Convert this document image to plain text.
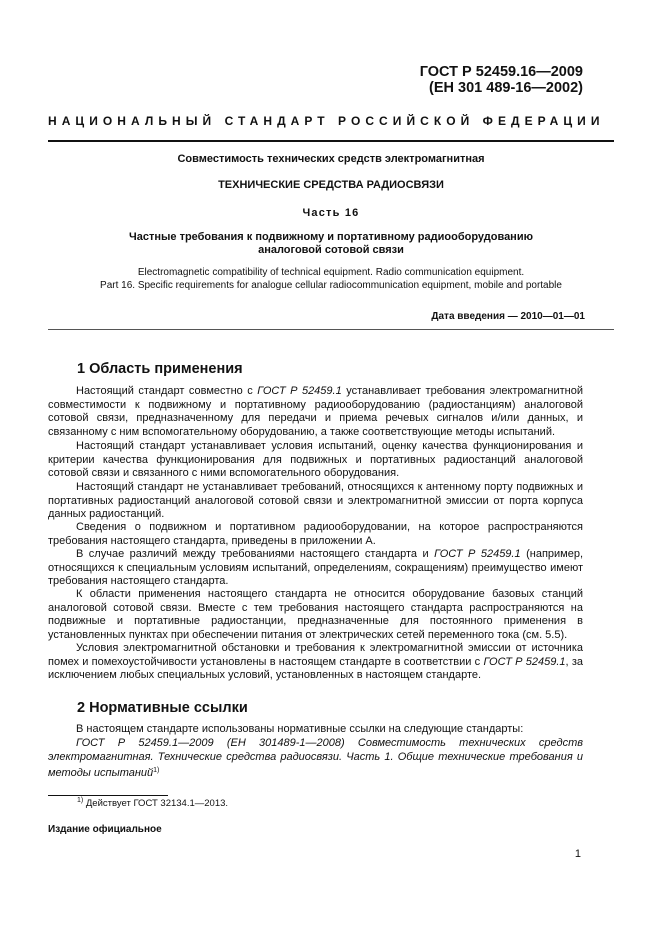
ГОСТ Р 52459.16—2009
(ЕН 301 489-16—2002)
НАЦИОНАЛЬНЫЙ СТАНДАРТ РОССИЙСКОЙ ФЕДЕРАЦИИ
Совместимость технических средств электромагнитная
ТЕХНИЧЕСКИЕ СРЕДСТВА РАДИОСВЯЗИ
Часть 16
Частные требования к подвижному и портативному радиооборудованию
аналоговой сотовой связи
Electromagnetic compatibility of technical equipment. Radio communication equipment.
Part 16. Specific requirements for analogue cellular radiocommunication equipment, mobile and portable
Дата введения — 2010—01—01
1 Область применения

Настоящий стандарт совместно с ГОСТ Р 52459.1 устанавливает требования электромагнитной совместимости к подвижному и портативному радиооборудованию (радиостанциям) аналоговой сотовой связи, предназначенному для передачи и приема речевых сигналов и/или данных, и связанному с ним вспомогательному оборудованию, а также соответствующие методы испытаний.

Настоящий стандарт устанавливает условия испытаний, оценку качества функционирования и критерии качества функционирования для подвижных и портативных радиостанций аналоговой сотовой связи и связанного с ними вспомогательного оборудования.

Настоящий стандарт не устанавливает требований, относящихся к антенному порту подвижных и портативных радиостанций аналоговой сотовой связи и электромагнитной эмиссии от порта корпуса данных радиостанций.

Сведения о подвижном и портативном радиооборудовании, на которое распространяются требования настоящего стандарта, приведены в приложении А.

В случае различий между требованиями настоящего стандарта и ГОСТ Р 52459.1 (например, относящихся к специальным условиям испытаний, определениям, сокращениям) преимущество имеют требования настоящего стандарта.

К области применения настоящего стандарта не относится оборудование базовых станций аналоговой сотовой связи. Вместе с тем требования настоящего стандарта распространяются на подвижные и портативные радиостанции, предназначенные для постоянного применения в установленных пунктах при обеспечении питания от электрических сетей переменного тока (см. 5.5).

Условия электромагнитной обстановки и требования к электромагнитной эмиссии от источника помех и помехоустойчивости установлены в настоящем стандарте в соответствии с ГОСТ Р 52459.1, за исключением любых специальных условий, установленных в настоящем стандарте.

2 Нормативные ссылки

В настоящем стандарте использованы нормативные ссылки на следующие стандарты:

ГОСТ Р 52459.1—2009 (ЕН 301489-1—2008) Совместимость технических средств электромагнитная. Технические средства радиосвязи. Часть 1. Общие технические требования и методы испытаний$^{1)}$

$^{1)}$ Действует ГОСТ 32134.1—2013.
Издание официальное
1
